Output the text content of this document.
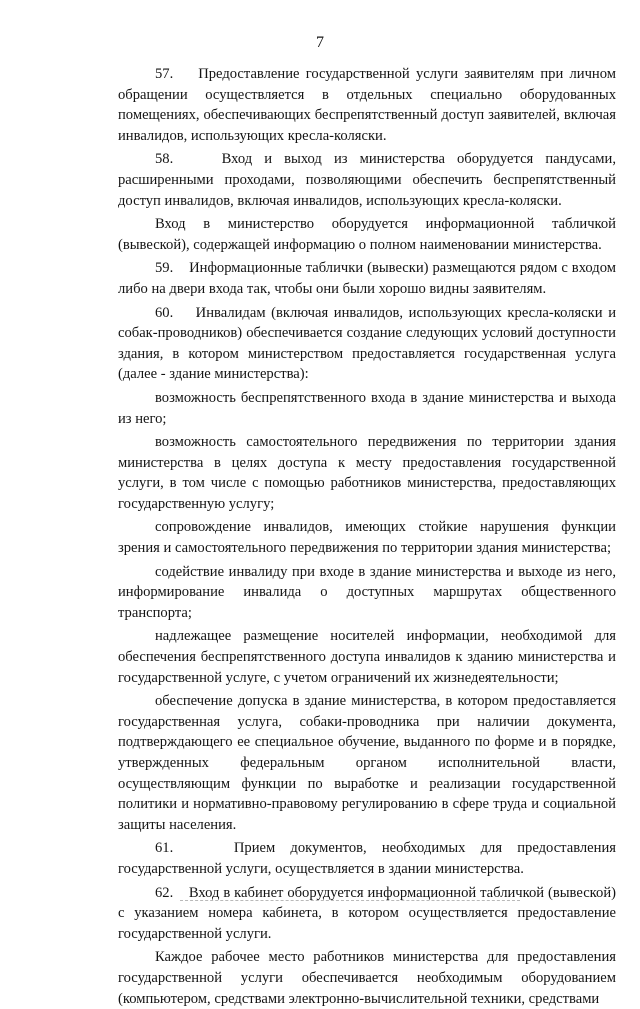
7

57.    Предоставление государственной услуги заявителям при личном обращении осуществляется в отдельных специально оборудованных помещениях, обеспечивающих беспрепятственный доступ заявителей, включая инвалидов, использующих кресла-коляски.

58.    Вход и выход из министерства оборудуется пандусами, расширенными проходами, позволяющими обеспечить беспрепятственный доступ инвалидов, включая инвалидов, использующих кресла-коляски.

Вход в министерство оборудуется информационной табличкой (вывеской), содержащей информацию о полном наименовании министерства.

59.    Информационные таблички (вывески) размещаются рядом с входом либо на двери входа так, чтобы они были хорошо видны заявителям.

60.    Инвалидам (включая инвалидов, использующих кресла-коляски и собак-проводников) обеспечивается создание следующих условий доступности здания, в котором министерством предоставляется государственная услуга (далее - здание министерства):

возможность беспрепятственного входа в здание министерства и выхода из него;

возможность самостоятельного передвижения по территории здания министерства в целях доступа к месту предоставления государственной услуги, в том числе с помощью работников министерства, предоставляющих государственную услугу;

сопровождение инвалидов, имеющих стойкие нарушения функции зрения и самостоятельного передвижения по территории здания министерства;

содействие инвалиду при входе в здание министерства и выходе из него, информирование инвалида о доступных маршрутах общественного транспорта;

надлежащее размещение носителей информации, необходимой для обеспечения беспрепятственного доступа инвалидов к зданию министерства и государственной услуге, с учетом ограничений их жизнедеятельности;

обеспечение допуска в здание министерства, в котором предоставляется государственная услуга, собаки-проводника при наличии документа, подтверждающего ее специальное обучение, выданного по форме и в порядке, утвержденных федеральным органом исполнительной власти, осуществляющим функции по выработке и реализации государственной политики и нормативно-правовому регулированию в сфере труда и социальной защиты населения.

61.    Прием документов, необходимых для предоставления государственной услуги, осуществляется в здании министерства.

62.    Вход в кабинет оборудуется информационной табличкой (вывеской) с указанием номера кабинета, в котором осуществляется предоставление государственной услуги.

Каждое рабочее место работников министерства для предоставления государственной услуги обеспечивается необходимым оборудованием (компьютером, средствами электронно-вычислительной техники, средствами
